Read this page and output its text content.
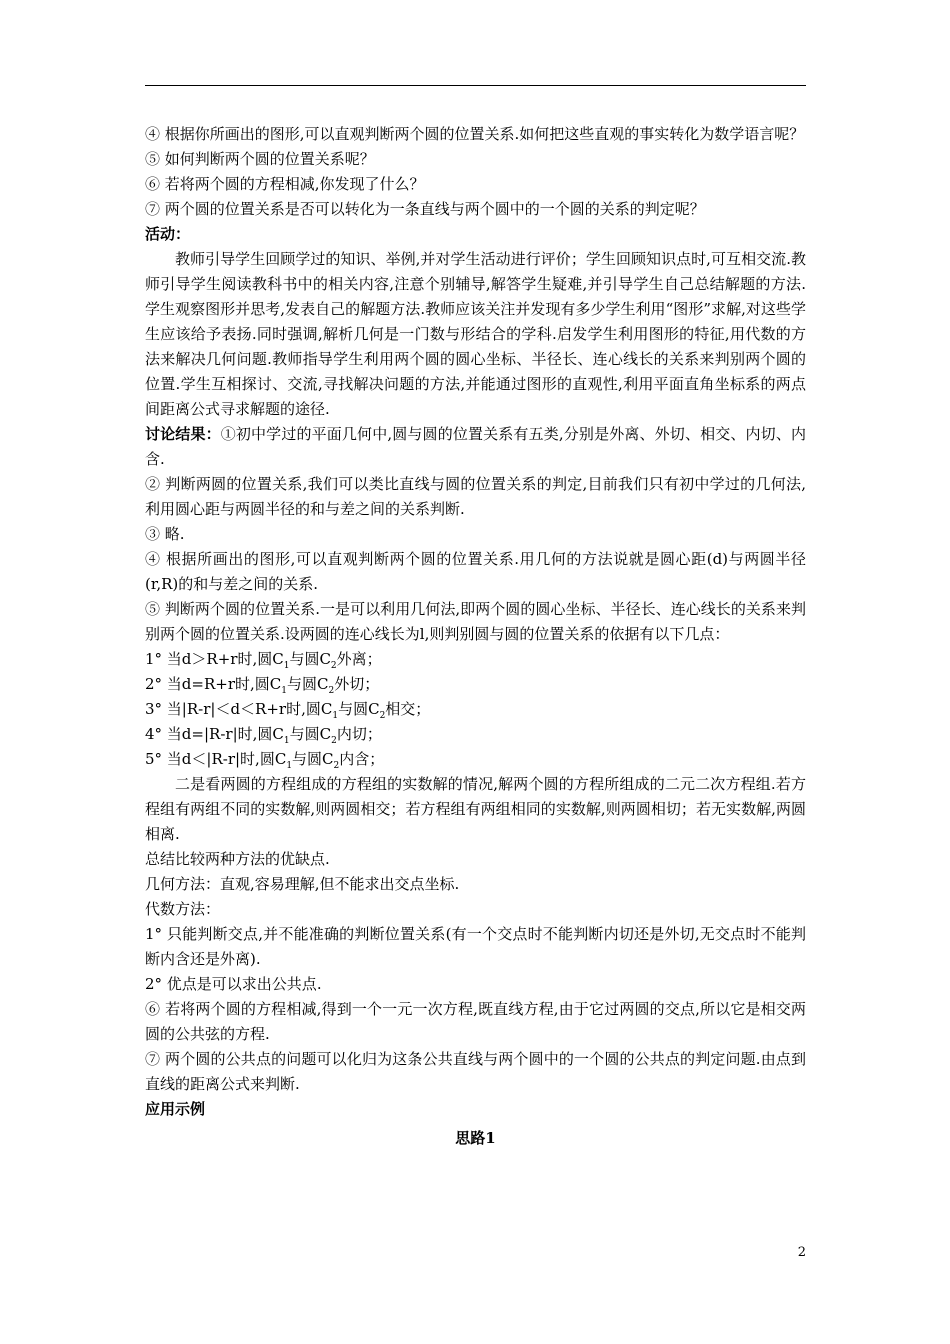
④ 根据你所画出的图形,可以直观判断两个圆的位置关系.如何把这些直观的事实转化为数学语言呢？

⑤ 如何判断两个圆的位置关系呢？

⑥ 若将两个圆的方程相减,你发现了什么？

⑦ 两个圆的位置关系是否可以转化为一条直线与两个圆中的一个圆的关系的判定呢？

活动：

教师引导学生回顾学过的知识、举例,并对学生活动进行评价；学生回顾知识点时,可互相交流.教师引导学生阅读教科书中的相关内容,注意个别辅导,解答学生疑难,并引导学生自己总结解题的方法.学生观察图形并思考,发表自己的解题方法.教师应该关注并发现有多少学生利用“图形”求解,对这些学生应该给予表扬.同时强调,解析几何是一门数与形结合的学科.启发学生利用图形的特征,用代数的方法来解决几何问题.教师指导学生利用两个圆的圆心坐标、半径长、连心线长的关系来判别两个圆的位置.学生互相探讨、交流,寻找解决问题的方法,并能通过图形的直观性,利用平面直角坐标系的两点间距离公式寻求解题的途径.

讨论结果：①初中学过的平面几何中,圆与圆的位置关系有五类,分别是外离、外切、相交、内切、内含.

② 判断两圆的位置关系,我们可以类比直线与圆的位置关系的判定,目前我们只有初中学过的几何法,利用圆心距与两圆半径的和与差之间的关系判断.

③ 略.

④ 根据所画出的图形,可以直观判断两个圆的位置关系.用几何的方法说就是圆心距(d)与两圆半径(r,R)的和与差之间的关系.

⑤ 判断两个圆的位置关系.一是可以利用几何法,即两个圆的圆心坐标、半径长、连心线长的关系来判别两个圆的位置关系.设两圆的连心线长为l,则判别圆与圆的位置关系的依据有以下几点：

1° 当d＞R+r时,圆$C_1$与圆$C_2$外离；

2° 当d=R+r时,圆$C_1$与圆$C_2$外切；

3° 当|R-r|＜d＜R+r时,圆$C_1$与圆$C_2$相交；

4° 当d=|R-r|时,圆$C_1$与圆$C_2$内切；

5° 当d＜|R-r|时,圆$C_1$与圆$C_2$内含；

二是看两圆的方程组成的方程组的实数解的情况,解两个圆的方程所组成的二元二次方程组.若方程组有两组不同的实数解,则两圆相交；若方程组有两组相同的实数解,则两圆相切；若无实数解,两圆相离.

总结比较两种方法的优缺点.

几何方法：直观,容易理解,但不能求出交点坐标.

代数方法：

1° 只能判断交点,并不能准确的判断位置关系(有一个交点时不能判断内切还是外切,无交点时不能判断内含还是外离).

2° 优点是可以求出公共点.

⑥ 若将两个圆的方程相减,得到一个一元一次方程,既直线方程,由于它过两圆的交点,所以它是相交两圆的公共弦的方程.

⑦ 两个圆的公共点的问题可以化归为这条公共直线与两个圆中的一个圆的公共点的判定问题.由点到直线的距离公式来判断.

应用示例

思路1

2
